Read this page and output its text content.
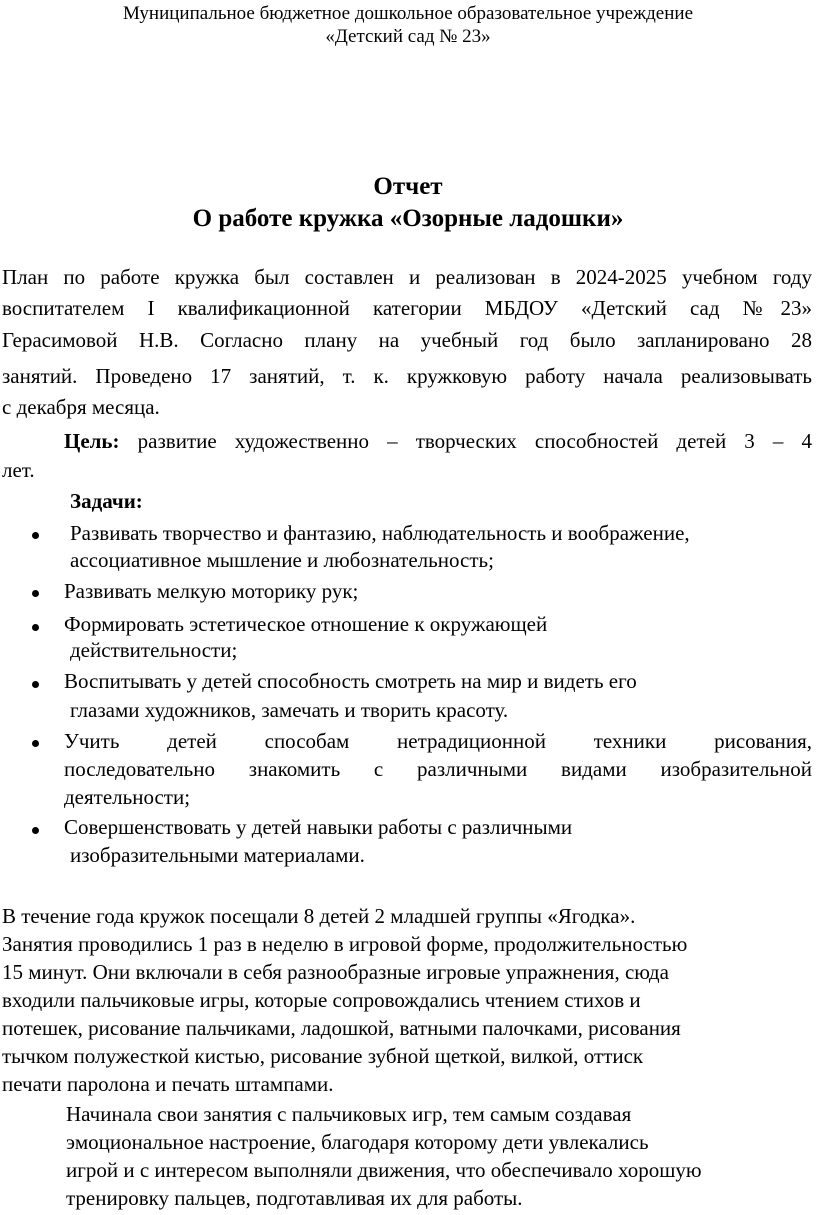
Муниципальное бюджетное дошкольное образовательное учреждение
«Детский сад № 23»
Отчет
О работе кружка «Озорные ладошки»
План по работе кружка был составлен и реализован в 2024-2025 учебном году
воспитателем I квалификационной категории МБДОУ «Детский сад №23»
Герасимовой Н.В. Согласно плану на учебный год было запланировано 28
занятий. Проведено 17 занятий, т. к. кружковую работу начала реализовывать
с декабря месяца.
Цель: развитие художественно – творческих способностей детей 3 – 4
лет.
Задачи:
Развивать творчество и фантазию, наблюдательность и воображение,
ассоциативное мышление и любознательность;
Развивать мелкую моторику рук;
Формировать эстетическое отношение к окружающей
действительности;
Воспитывать у детей способность смотреть на мир и видеть его
глазами художников, замечать и творить красоту.
Учить детей способам нетрадиционной техники рисования,
последовательно знакомить с различными видами изобразительной
деятельности;
Совершенствовать у детей навыки работы с различными
изобразительными материалами.
В течение года кружок посещали 8 детей 2 младшей группы «Ягодка».
Занятия проводились 1 раз в неделю в игровой форме, продолжительностью
15 минут. Они включали в себя разнообразные игровые упражнения, сюда
входили пальчиковые игры, которые сопровождались чтением стихов и
потешек, рисование пальчиками, ладошкой, ватными палочками, рисования
тычком полужесткой кистью, рисование зубной щеткой, вилкой, оттиск
печати паролона и печать штампами.
Начинала свои занятия с пальчиковых игр, тем самым создавая
эмоциональное настроение, благодаря которому дети увлекались
игрой и с интересом выполняли движения, что обеспечивало хорошую
тренировку пальцев, подготавливая их для работы.
